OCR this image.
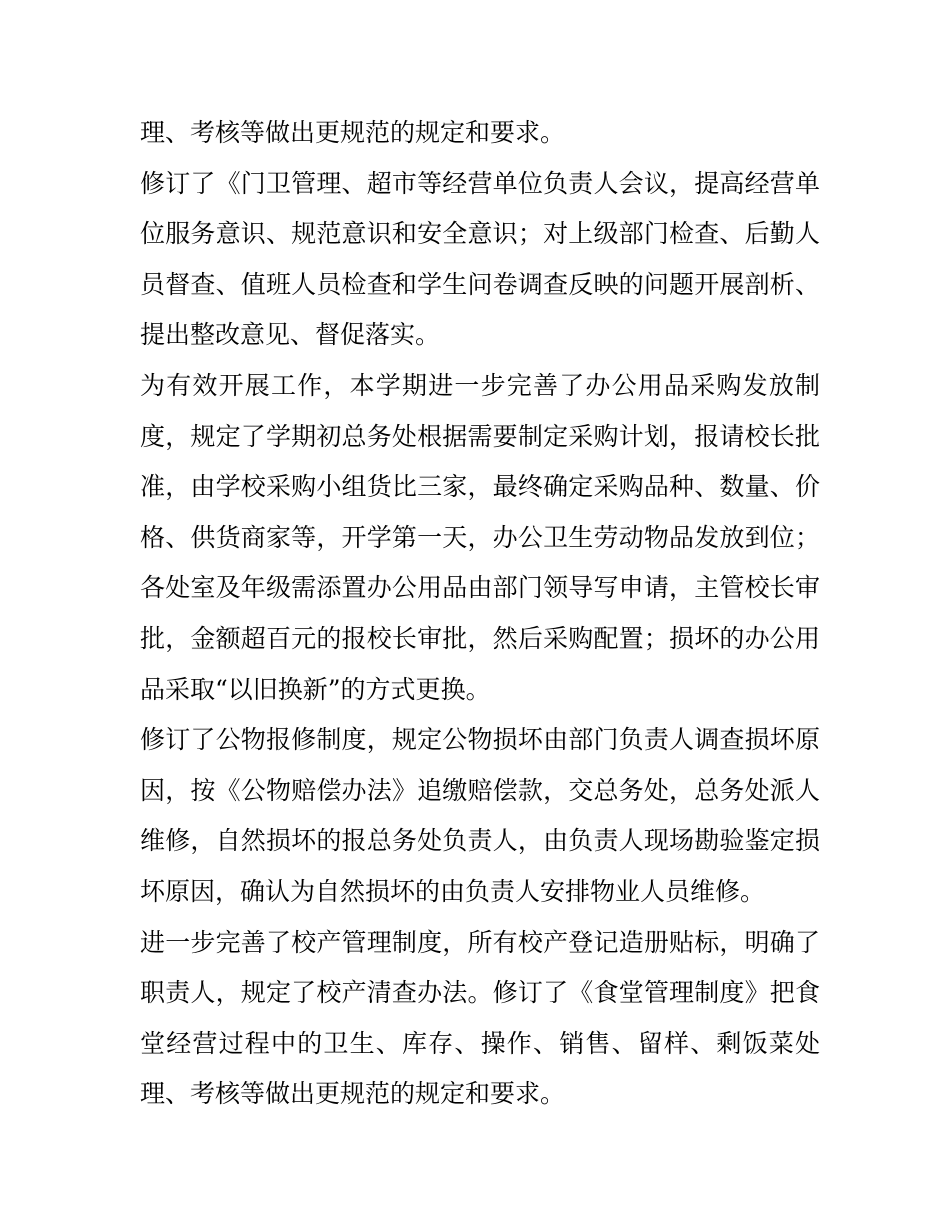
理、考核等做出更规范的规定和要求。
修订了《门卫管理、超市等经营单位负责人会议，提高经营单
位服务意识、规范意识和安全意识；对上级部门检查、后勤人
员督查、值班人员检查和学生问卷调查反映的问题开展剖析、
提出整改意见、督促落实。
为有效开展工作，本学期进一步完善了办公用品采购发放制
度，规定了学期初总务处根据需要制定采购计划，报请校长批
准，由学校采购小组货比三家，最终确定采购品种、数量、价
格、供货商家等，开学第一天，办公卫生劳动物品发放到位；
各处室及年级需添置办公用品由部门领导写申请，主管校长审
批，金额超百元的报校长审批，然后采购配置；损坏的办公用
品采取“以旧换新”的方式更换。
修订了公物报修制度，规定公物损坏由部门负责人调查损坏原
因，按《公物赔偿办法》追缴赔偿款，交总务处，总务处派人
维修，自然损坏的报总务处负责人，由负责人现场勘验鉴定损
坏原因，确认为自然损坏的由负责人安排物业人员维修。
进一步完善了校产管理制度，所有校产登记造册贴标，明确了
职责人，规定了校产清查办法。修订了《食堂管理制度》把食
堂经营过程中的卫生、库存、操作、销售、留样、剩饭菜处
理、考核等做出更规范的规定和要求。
